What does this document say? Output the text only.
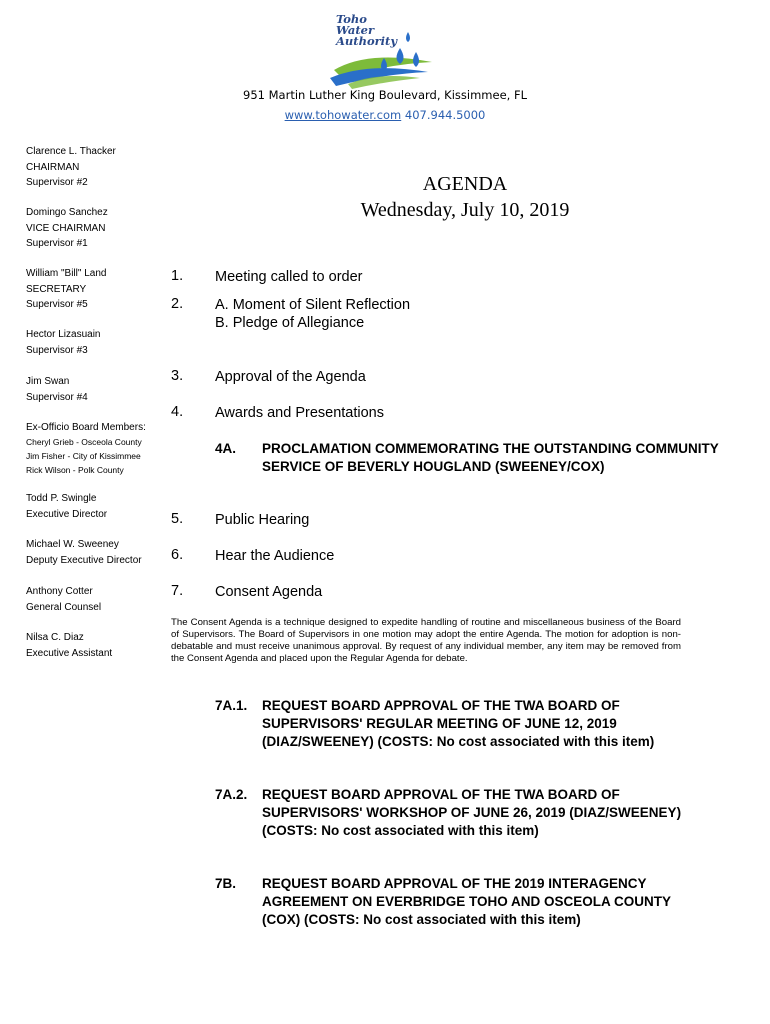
Toho
Water
Authority
951 Martin Luther King Boulevard, Kissimmee, FL
www.tohowater.com 407.944.5000
Clarence L. Thacker
CHAIRMAN
Supervisor #2
Domingo Sanchez
VICE CHAIRMAN
Supervisor #1
William "Bill" Land
SECRETARY
Supervisor #5
Hector Lizasuain
Supervisor #3
Jim Swan
Supervisor #4
Ex-Officio Board Members:
Cheryl Grieb - Osceola County
Jim Fisher - City of Kissimmee
Rick Wilson - Polk County
Todd P. Swingle
Executive Director
Michael W. Sweeney
Deputy Executive Director
Anthony Cotter
General Counsel
Nilsa C. Diaz
Executive Assistant
AGENDA
Wednesday, July 10, 2019
1. Meeting called to order
2. A. Moment of Silent Reflection
B. Pledge of Allegiance
3. Approval of the Agenda
4. Awards and Presentations
4A. PROCLAMATION COMMEMORATING THE OUTSTANDING COMMUNITY SERVICE OF BEVERLY HOUGLAND (SWEENEY/COX)
5. Public Hearing
6. Hear the Audience
7. Consent Agenda
The Consent Agenda is a technique designed to expedite handling of routine and miscellaneous business of the Board of Supervisors. The Board of Supervisors in one motion may adopt the entire Agenda. The motion for adoption is non-debatable and must receive unanimous approval. By request of any individual member, any item may be removed from the Consent Agenda and placed upon the Regular Agenda for debate.
7A.1. REQUEST BOARD APPROVAL OF THE TWA BOARD OF SUPERVISORS' REGULAR MEETING OF JUNE 12, 2019 (DIAZ/SWEENEY) (COSTS: No cost associated with this item)
7A.2. REQUEST BOARD APPROVAL OF THE TWA BOARD OF SUPERVISORS' WORKSHOP OF JUNE 26, 2019 (DIAZ/SWEENEY) (COSTS: No cost associated with this item)
7B. REQUEST BOARD APPROVAL OF THE 2019 INTERAGENCY AGREEMENT ON EVERBRIDGE TOHO AND OSCEOLA COUNTY (COX) (COSTS: No cost associated with this item)
